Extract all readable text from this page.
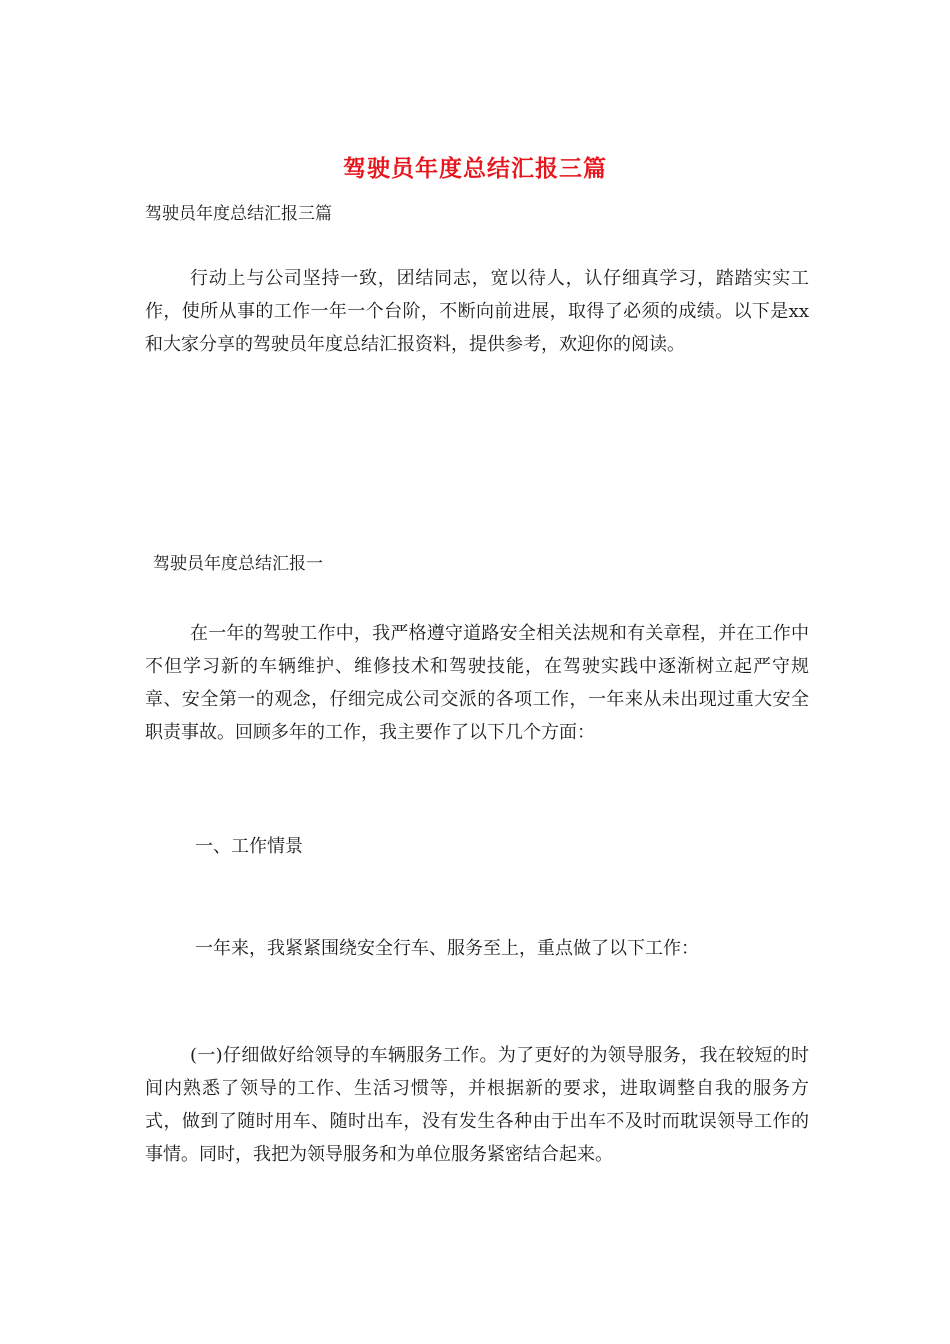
驾驶员年度总结汇报三篇
驾驶员年度总结汇报三篇
行动上与公司坚持一致，团结同志，宽以待人，认仔细真学习，踏踏实实工作，使所从事的工作一年一个台阶，不断向前进展，取得了必须的成绩。以下是xx和大家分享的驾驶员年度总结汇报资料，提供参考，欢迎你的阅读。
驾驶员年度总结汇报一
在一年的驾驶工作中，我严格遵守道路安全相关法规和有关章程，并在工作中不但学习新的车辆维护、维修技术和驾驶技能，在驾驶实践中逐渐树立起严守规章、安全第一的观念，仔细完成公司交派的各项工作，一年来从未出现过重大安全职责事故。回顾多年的工作，我主要作了以下几个方面：
一、工作情景
一年来，我紧紧围绕安全行车、服务至上，重点做了以下工作：
(一)仔细做好给领导的车辆服务工作。为了更好的为领导服务，我在较短的时间内熟悉了领导的工作、生活习惯等，并根据新的要求，进取调整自我的服务方式，做到了随时用车、随时出车，没有发生各种由于出车不及时而耽误领导工作的事情。同时，我把为领导服务和为单位服务紧密结合起来。
